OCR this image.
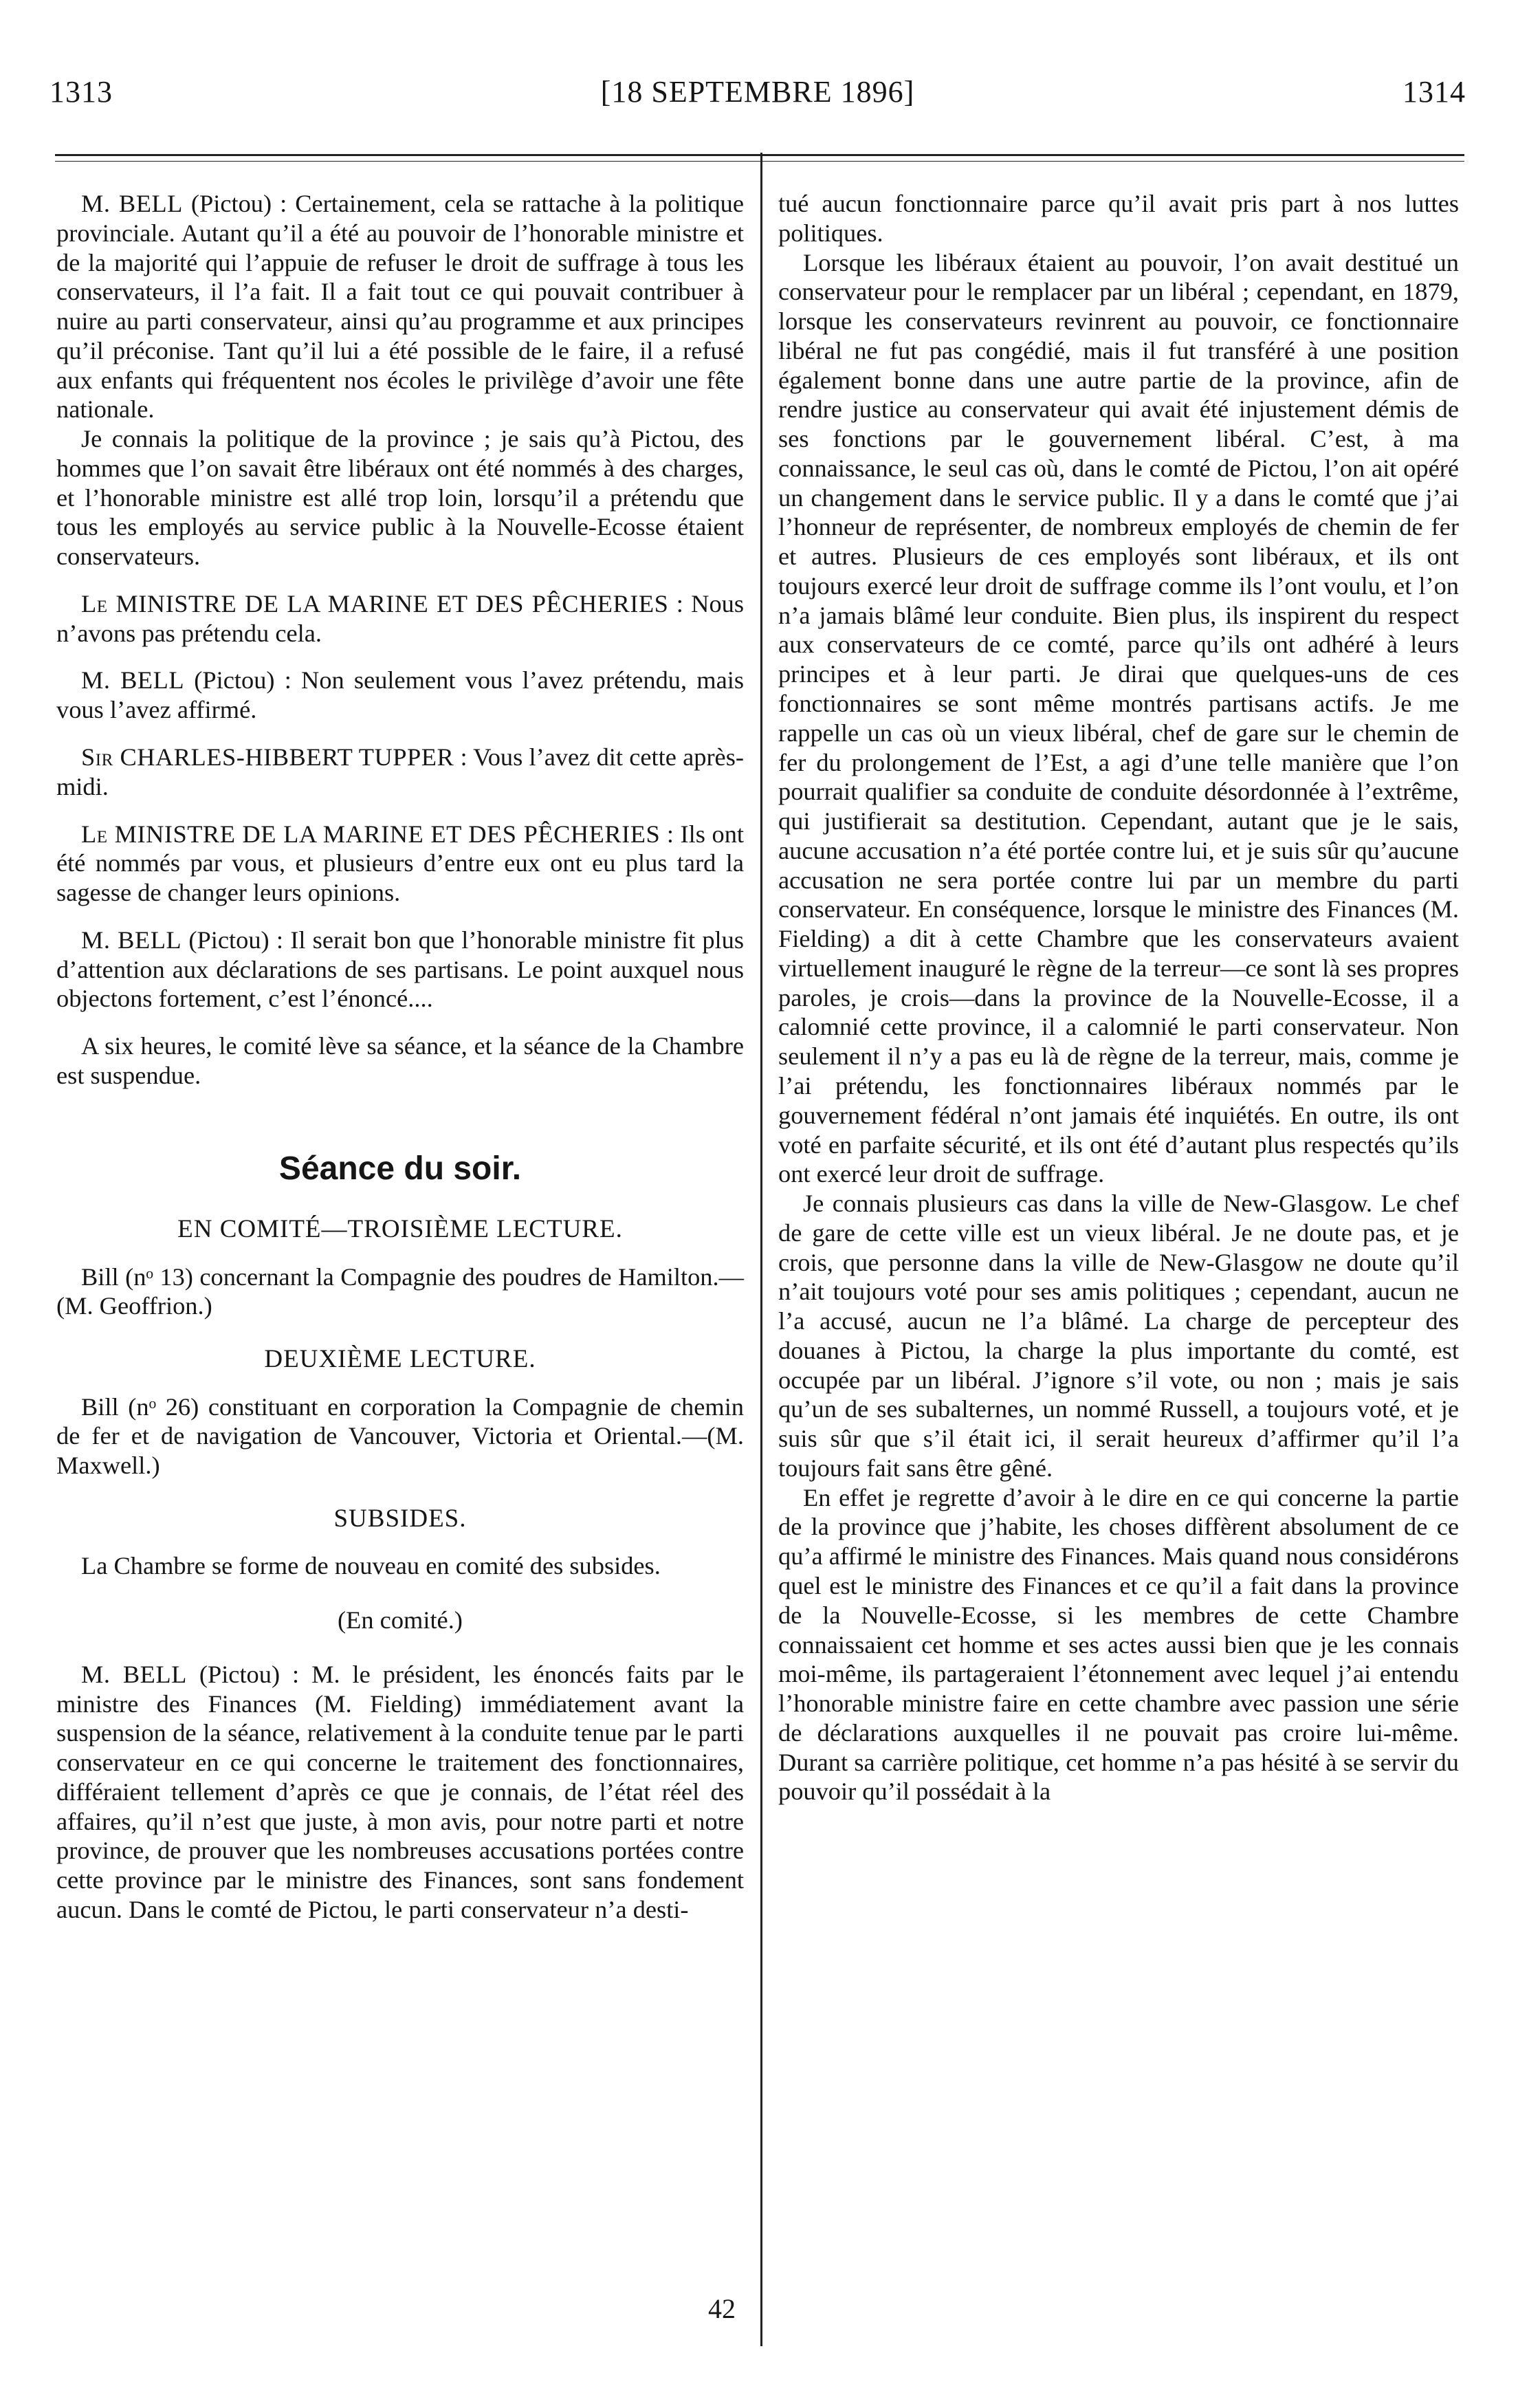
1313	[18 SEPTEMBRE 1896]	1314

M. BELL (Pictou) : Certainement, cela se rattache à la politique provinciale. Autant qu’il a été au pouvoir de l’honorable ministre et de la majorité qui l’appuie de refuser le droit de suffrage à tous les conservateurs, il l’a fait. Il a fait tout ce qui pouvait contribuer à nuire au parti conservateur, ainsi qu’au programme et aux principes qu’il préconise. Tant qu’il lui a été possible de le faire, il a refusé aux enfants qui fréquentent nos écoles le privilège d’avoir une fête nationale.

Je connais la politique de la province ; je sais qu’à Pictou, des hommes que l’on savait être libéraux ont été nommés à des charges, et l’honorable ministre est allé trop loin, lorsqu’il a prétendu que tous les employés au service public à la Nouvelle-Ecosse étaient conservateurs.

Le MINISTRE DE LA MARINE ET DES PÊCHERIES : Nous n’avons pas prétendu cela.

M. BELL (Pictou) : Non seulement vous l’avez prétendu, mais vous l’avez affirmé.

Sir CHARLES-HIBBERT TUPPER : Vous l’avez dit cette après-midi.

Le MINISTRE DE LA MARINE ET DES PÊCHERIES : Ils ont été nommés par vous, et plusieurs d’entre eux ont eu plus tard la sagesse de changer leurs opinions.

M. BELL (Pictou) : Il serait bon que l’honorable ministre fit plus d’attention aux déclarations de ses partisans. Le point auxquel nous objectons fortement, c’est l’énoncé....

A six heures, le comité lève sa séance, et la séance de la Chambre est suspendue.

Séance du soir.
EN COMITÉ—TROISIÈME LECTURE.

Bill (nᵒ 13) concernant la Compagnie des poudres de Hamilton.—(M. Geoffrion.)

DEUXIÈME LECTURE.

Bill (nᵒ 26) constituant en corporation la Compagnie de chemin de fer et de navigation de Vancouver, Victoria et Oriental.—(M. Maxwell.)

SUBSIDES.

La Chambre se forme de nouveau en comité des subsides.

(En comité.)

M. BELL (Pictou) : M. le président, les énoncés faits par le ministre des Finances (M. Fielding) immédiatement avant la suspension de la séance, relativement à la conduite tenue par le parti conservateur en ce qui concerne le traitement des fonctionnaires, différaient tellement d’après ce que je connais, de l’état réel des affaires, qu’il n’est que juste, à mon avis, pour notre parti et notre province, de prouver que les nombreuses accusations portées contre cette province par le ministre des Finances, sont sans fondement aucun. Dans le comté de Pictou, le parti conservateur n’a desti-

tué aucun fonctionnaire parce qu’il avait pris part à nos luttes politiques.

Lorsque les libéraux étaient au pouvoir, l’on avait destitué un conservateur pour le remplacer par un libéral ; cependant, en 1879, lorsque les conservateurs revinrent au pouvoir, ce fonctionnaire libéral ne fut pas congédié, mais il fut transféré à une position également bonne dans une autre partie de la province, afin de rendre justice au conservateur qui avait été injustement démis de ses fonctions par le gouvernement libéral. C’est, à ma connaissance, le seul cas où, dans le comté de Pictou, l’on ait opéré un changement dans le service public. Il y a dans le comté que j’ai l’honneur de représenter, de nombreux employés de chemin de fer et autres. Plusieurs de ces employés sont libéraux, et ils ont toujours exercé leur droit de suffrage comme ils l’ont voulu, et l’on n’a jamais blâmé leur conduite. Bien plus, ils inspirent du respect aux conservateurs de ce comté, parce qu’ils ont adhéré à leurs principes et à leur parti. Je dirai que quelques-uns de ces fonctionnaires se sont même montrés partisans actifs. Je me rappelle un cas où un vieux libéral, chef de gare sur le chemin de fer du prolongement de l’Est, a agi d’une telle manière que l’on pourrait qualifier sa conduite de conduite désordonnée à l’extrême, qui justifierait sa destitution. Cependant, autant que je le sais, aucune accusation n’a été portée contre lui, et je suis sûr qu’aucune accusation ne sera portée contre lui par un membre du parti conservateur. En conséquence, lorsque le ministre des Finances (M. Fielding) a dit à cette Chambre que les conservateurs avaient virtuellement inauguré le règne de la terreur—ce sont là ses propres paroles, je crois—dans la province de la Nouvelle-Ecosse, il a calomnié cette province, il a calomnié le parti conservateur. Non seulement il n’y a pas eu là de règne de la terreur, mais, comme je l’ai prétendu, les fonctionnaires libéraux nommés par le gouvernement fédéral n’ont jamais été inquiétés. En outre, ils ont voté en parfaite sécurité, et ils ont été d’autant plus respectés qu’ils ont exercé leur droit de suffrage.

Je connais plusieurs cas dans la ville de New-Glasgow. Le chef de gare de cette ville est un vieux libéral. Je ne doute pas, et je crois, que personne dans la ville de New-Glasgow ne doute qu’il n’ait toujours voté pour ses amis politiques ; cependant, aucun ne l’a accusé, aucun ne l’a blâmé. La charge de percepteur des douanes à Pictou, la charge la plus importante du comté, est occupée par un libéral. J’ignore s’il vote, ou non ; mais je sais qu’un de ses subalternes, un nommé Russell, a toujours voté, et je suis sûr que s’il était ici, il serait heureux d’affirmer qu’il l’a toujours fait sans être gêné.

En effet je regrette d’avoir à le dire en ce qui concerne la partie de la province que j’habite, les choses diffèrent absolument de ce qu’a affirmé le ministre des Finances. Mais quand nous considérons quel est le ministre des Finances et ce qu’il a fait dans la province de la Nouvelle-Ecosse, si les membres de cette Chambre connaissaient cet homme et ses actes aussi bien que je les connais moi-même, ils partageraient l’étonnement avec lequel j’ai entendu l’honorable ministre faire en cette chambre avec passion une série de déclarations auxquelles il ne pouvait pas croire lui-même. Durant sa carrière politique, cet homme n’a pas hésité à se servir du pouvoir qu’il possédait à la

42
